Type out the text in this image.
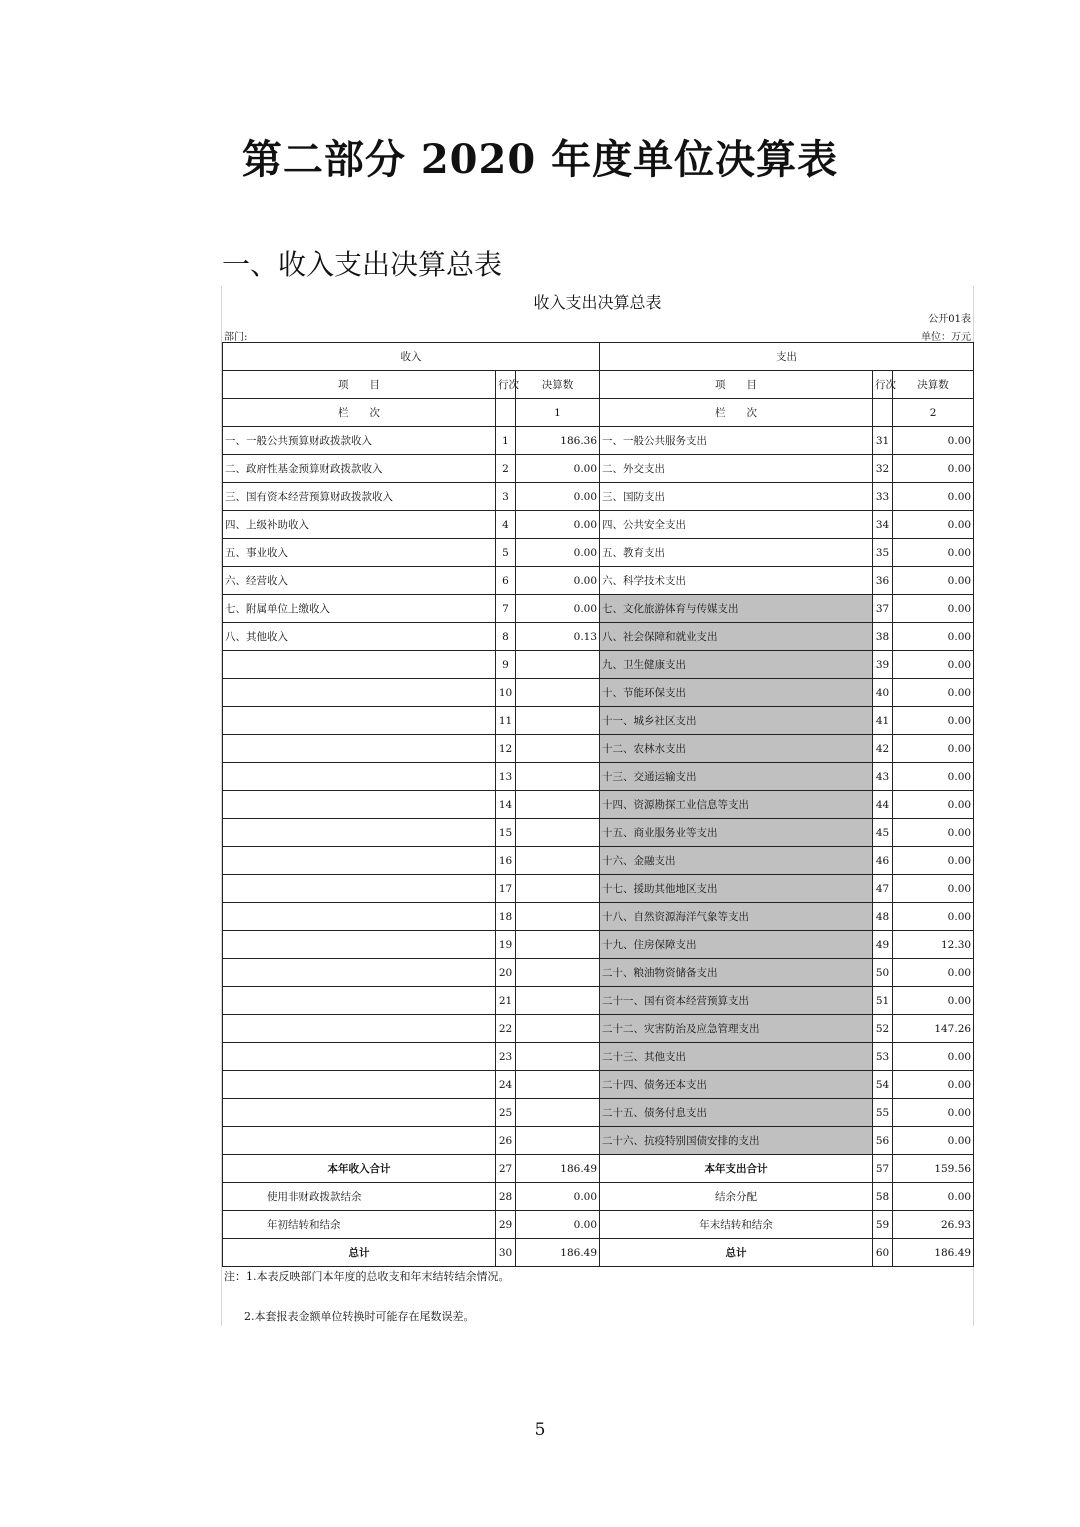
第二部分 2020 年度单位决算表
一、收入支出决算总表
收入支出决算总表
公开01表
部门:	单位：万元
收入			支出		
项　　目	行次	决算数	项　　目	行次	决算数
栏　　次		1	栏　　次		2
一、一般公共预算财政拨款收入	1	186.36	一、一般公共服务支出	31	0.00
二、政府性基金预算财政拨款收入	2	0.00	二、外交支出	32	0.00
三、国有资本经营预算财政拨款收入	3	0.00	三、国防支出	33	0.00
四、上级补助收入	4	0.00	四、公共安全支出	34	0.00
五、事业收入	5	0.00	五、教育支出	35	0.00
六、经营收入	6	0.00	六、科学技术支出	36	0.00
七、附属单位上缴收入	7	0.00	七、文化旅游体育与传媒支出	37	0.00
八、其他收入	8	0.13	八、社会保障和就业支出	38	0.00
	9		九、卫生健康支出	39	0.00
	10		十、节能环保支出	40	0.00
	11		十一、城乡社区支出	41	0.00
	12		十二、农林水支出	42	0.00
	13		十三、交通运输支出	43	0.00
	14		十四、资源勘探工业信息等支出	44	0.00
	15		十五、商业服务业等支出	45	0.00
	16		十六、金融支出	46	0.00
	17		十七、援助其他地区支出	47	0.00
	18		十八、自然资源海洋气象等支出	48	0.00
	19		十九、住房保障支出	49	12.30
	20		二十、粮油物资储备支出	50	0.00
	21		二十一、国有资本经营预算支出	51	0.00
	22		二十二、灾害防治及应急管理支出	52	147.26
	23		二十三、其他支出	53	0.00
	24		二十四、债务还本支出	54	0.00
	25		二十五、债务付息支出	55	0.00
	26		二十六、抗疫特别国债安排的支出	56	0.00
本年收入合计	27	186.49	本年支出合计	57	159.56
使用非财政拨款结余	28	0.00	结余分配	58	0.00
年初结转和结余	29	0.00	年末结转和结余	59	26.93
总计	30	186.49	总计	60	186.49
注：1.本表反映部门本年度的总收支和年末结转结余情况。
2.本套报表金额单位转换时可能存在尾数误差。
5
